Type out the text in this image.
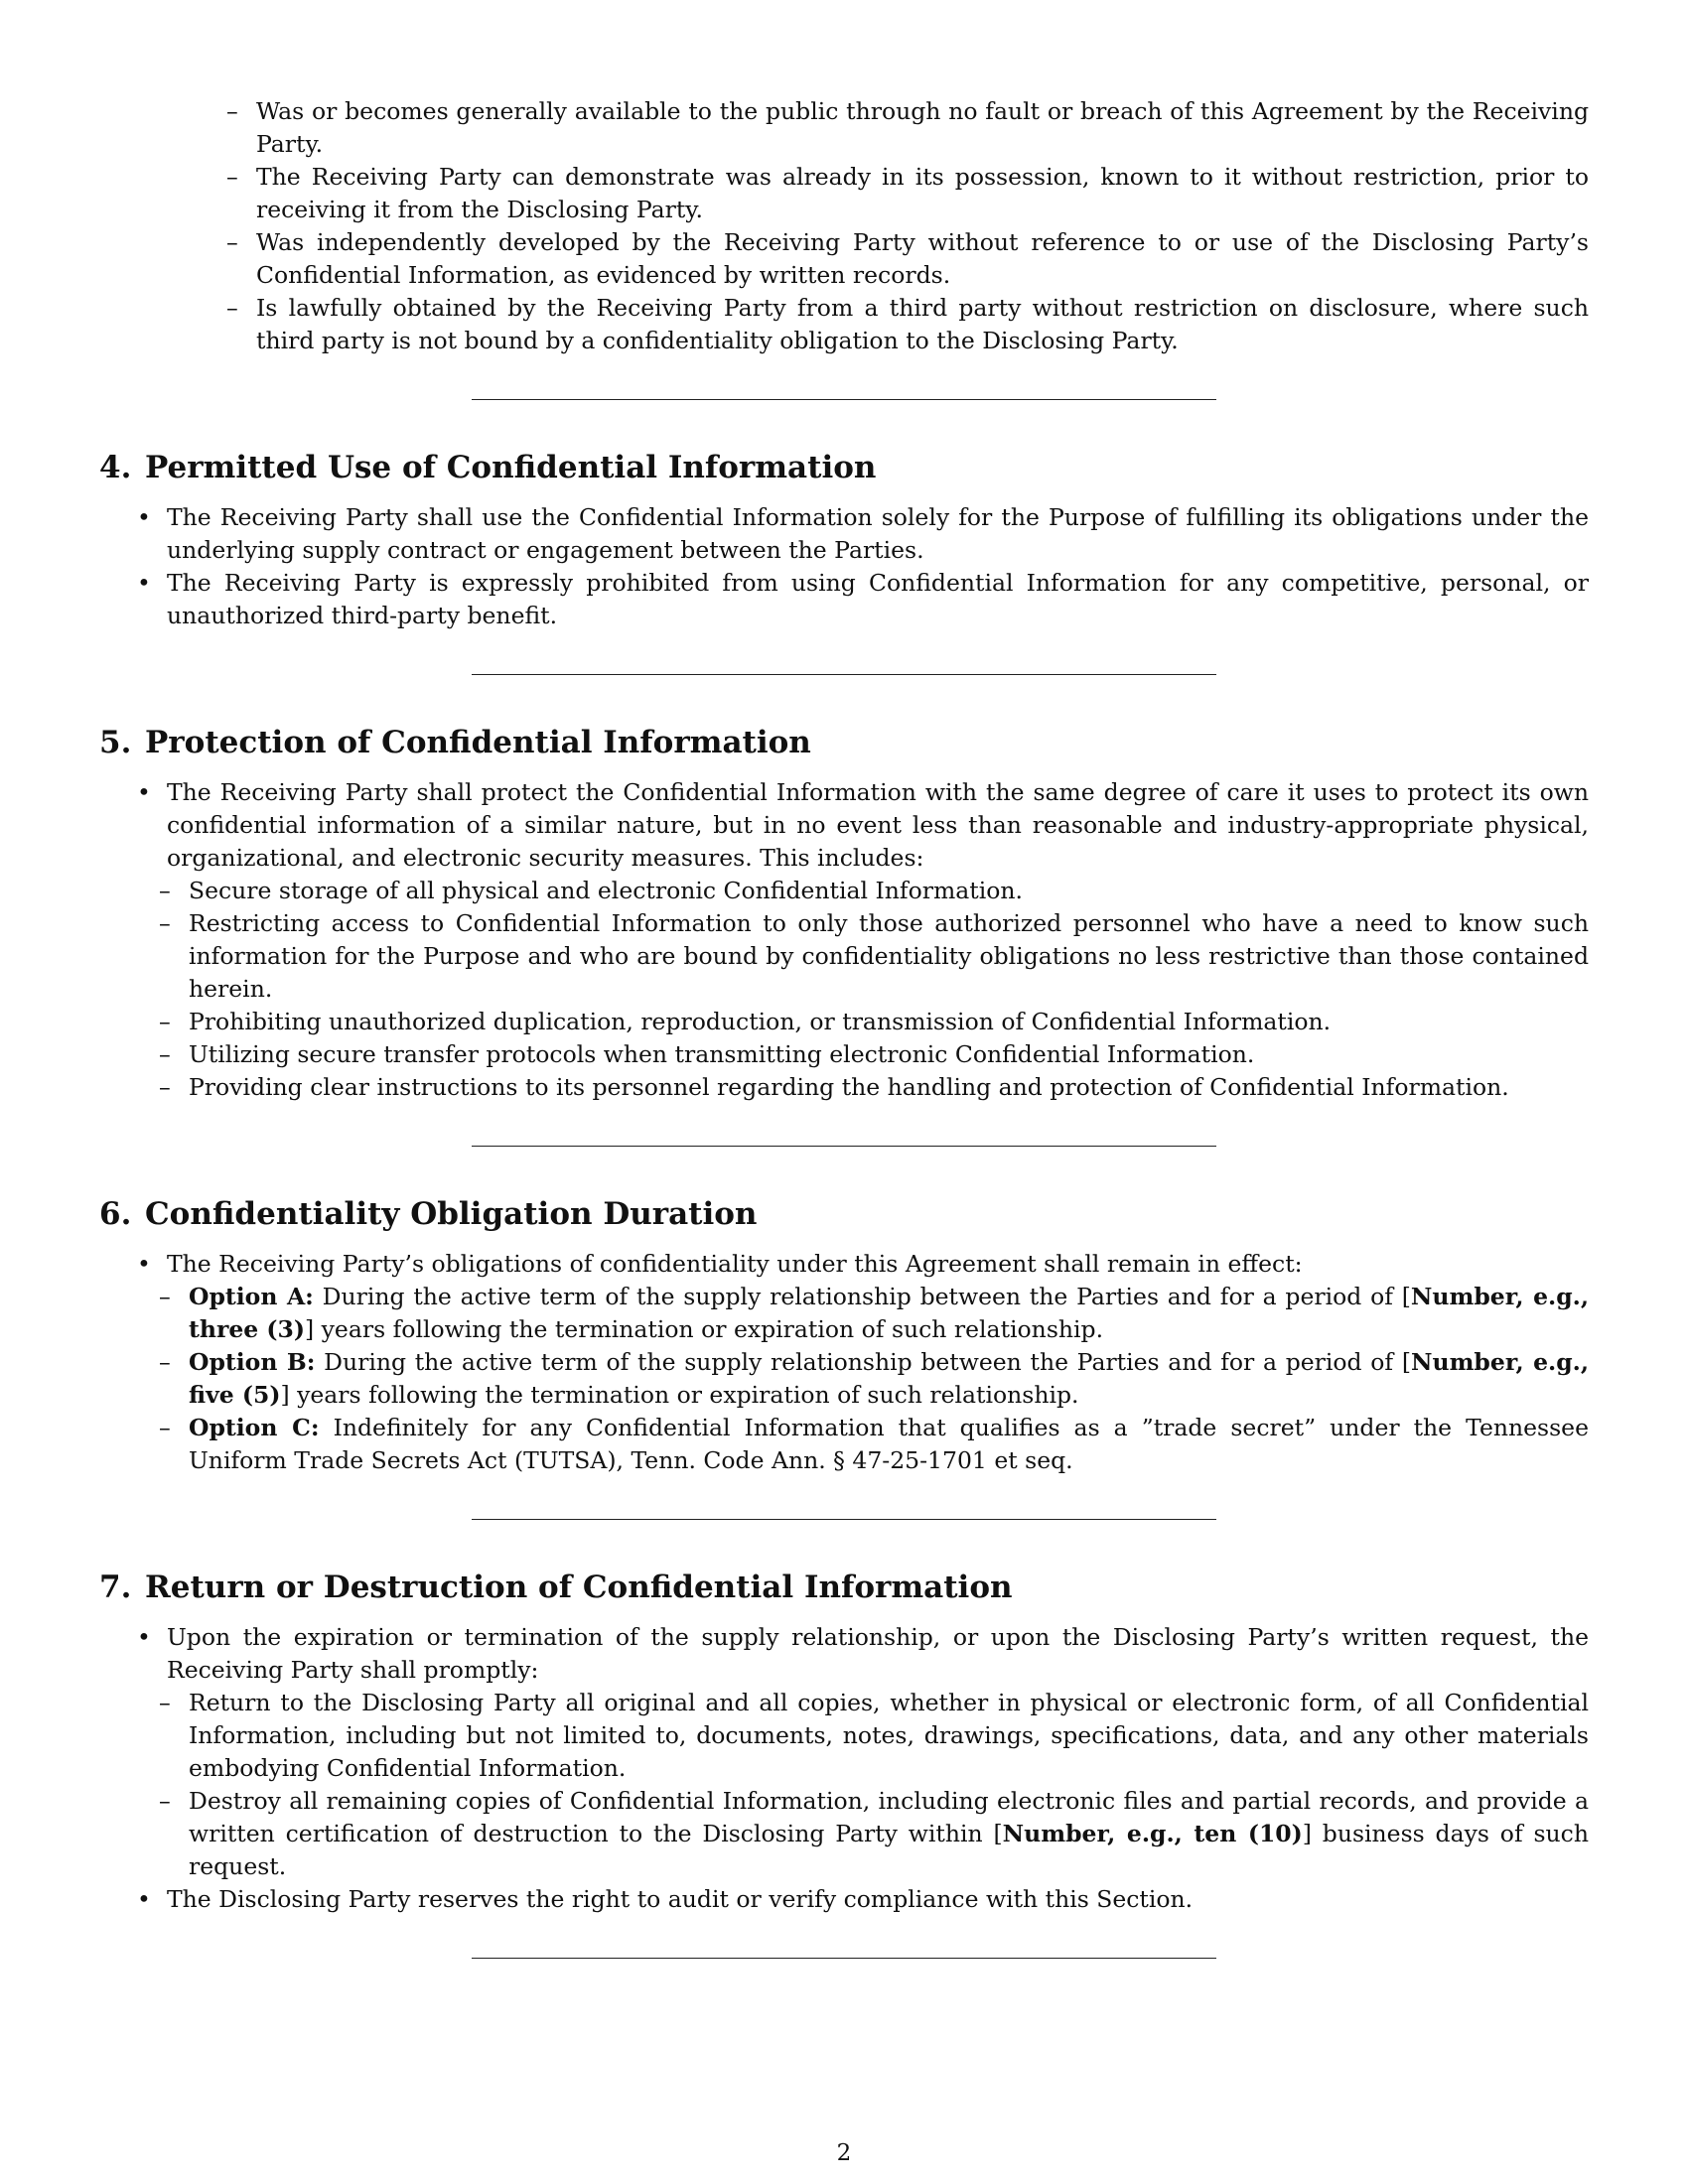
– Was or becomes generally available to the public through no fault or breach of this Agreement by the Receiving Party.
– The Receiving Party can demonstrate was already in its possession, known to it without restriction, prior to receiving it from the Disclosing Party.
– Was independently developed by the Receiving Party without reference to or use of the Disclosing Party’s Confidential Information, as evidenced by written records.
– Is lawfully obtained by the Receiving Party from a third party without restriction on disclosure, where such third party is not bound by a confidentiality obligation to the Disclosing Party.
4. Permitted Use of Confidential Information
• The Receiving Party shall use the Confidential Information solely for the Purpose of fulfilling its obligations under the underlying supply contract or engagement between the Parties.
• The Receiving Party is expressly prohibited from using Confidential Information for any competitive, personal, or unauthorized third-party benefit.
5. Protection of Confidential Information
• The Receiving Party shall protect the Confidential Information with the same degree of care it uses to protect its own confidential information of a similar nature, but in no event less than reasonable and industry-appropriate physical, organizational, and electronic security measures. This includes:
– Secure storage of all physical and electronic Confidential Information.
– Restricting access to Confidential Information to only those authorized personnel who have a need to know such information for the Purpose and who are bound by confidentiality obligations no less restrictive than those contained herein.
– Prohibiting unauthorized duplication, reproduction, or transmission of Confidential Information.
– Utilizing secure transfer protocols when transmitting electronic Confidential Information.
– Providing clear instructions to its personnel regarding the handling and protection of Confidential Information.
6. Confidentiality Obligation Duration
• The Receiving Party’s obligations of confidentiality under this Agreement shall remain in effect:
– Option A: During the active term of the supply relationship between the Parties and for a period of [Number, e.g., three (3)] years following the termination or expiration of such relationship.
– Option B: During the active term of the supply relationship between the Parties and for a period of [Number, e.g., five (5)] years following the termination or expiration of such relationship.
– Option C: Indefinitely for any Confidential Information that qualifies as a ”trade secret” under the Tennessee Uniform Trade Secrets Act (TUTSA), Tenn. Code Ann. § 47-25-1701 et seq.
7. Return or Destruction of Confidential Information
• Upon the expiration or termination of the supply relationship, or upon the Disclosing Party’s written request, the Receiving Party shall promptly:
– Return to the Disclosing Party all original and all copies, whether in physical or electronic form, of all Confidential Information, including but not limited to, documents, notes, drawings, specifications, data, and any other materials embodying Confidential Information.
– Destroy all remaining copies of Confidential Information, including electronic files and partial records, and provide a written certification of destruction to the Disclosing Party within [Number, e.g., ten (10)] business days of such request.
• The Disclosing Party reserves the right to audit or verify compliance with this Section.
2
